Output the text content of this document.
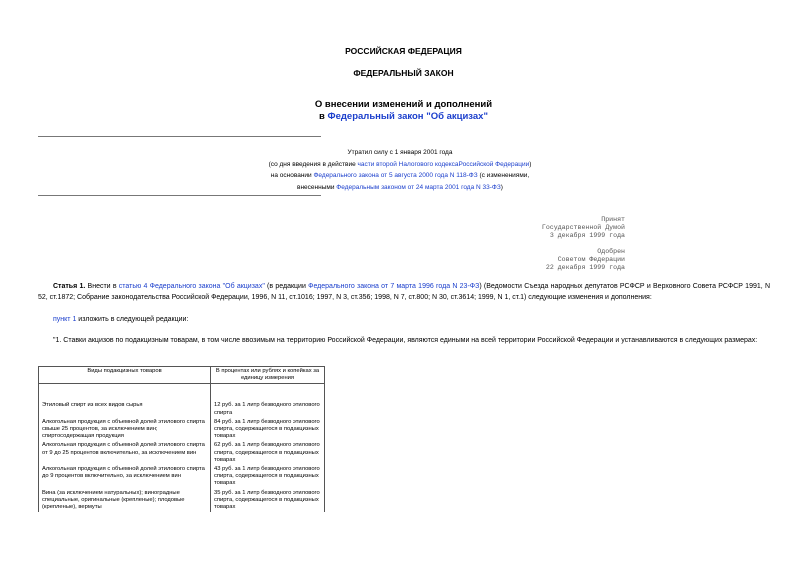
РОССИЙСКАЯ ФЕДЕРАЦИЯ
ФЕДЕРАЛЬНЫЙ ЗАКОН
О внесении изменений и дополнений
в Федеральный закон "Об акцизах"
Утратил силу с 1 января 2001 года
(со дня введения в действие части второй Налогового кодексаРоссийской Федерации)
на основании Федерального закона от 5 августа 2000 года N 118-ФЗ (с изменениями,
внесенными Федеральным законом от 24 марта 2001 года N 33-ФЗ)
Принят
Государственной Думой
3 декабря 1999 года
Одобрен
Советом Федерации
22 декабря 1999 года
Статья 1. Внести в статью 4 Федерального закона "Об акцизах" (в редакции Федерального закона от 7 марта 1996 года N 23-ФЗ) (Ведомости Съезда народных депутатов РСФСР и Верховного Совета РСФСР 1991, N 52, ст.1872; Собрание законодательства Российской Федерации, 1996, N 11, ст.1016; 1997, N 3, ст.356; 1998, N 7, ст.800; N 30, ст.3614; 1999, N 1, ст.1) следующие изменения и дополнения:
пункт 1 изложить в следующей редакции:
"1. Ставки акцизов по подакцизным товарам, в том числе ввозимым на территорию Российской Федерации, являются едиными на всей территории Российской Федерации и устанавливаются в следующих размерах:
Виды подакцизных товаров	В процентах или рублях и копейках за единицу измерения

Этиловый спирт из всех видов сырья	12 руб. за 1 литр безводного этилового спирта
Алкогольная продукция с объемной долей этилового спирта свыше 25 процентов, за исключением вин; спиртосодержащая продукция	84 руб. за 1 литр безводного этилового спирта, содержащегося в подакцизных товарах
Алкогольная продукция с объемной долей этилового спирта от 9 до 25 процентов включительно, за исключением вин	62 руб. за 1 литр безводного этилового спирта, содержащегося в подакцизных товарах
Алкогольная продукция с объемной долей этилового спирта до 9 процентов включительно, за исключением вин	43 руб. за 1 литр безводного этилового спирта, содержащегося в подакцизных товарах
Вина (за исключением натуральных); виноградные специальные, оригинальные (крепленые); плодовые (крепленые), вермуты	35 руб. за 1 литр безводного этилового спирта, содержащегося в подакцизных товарах
